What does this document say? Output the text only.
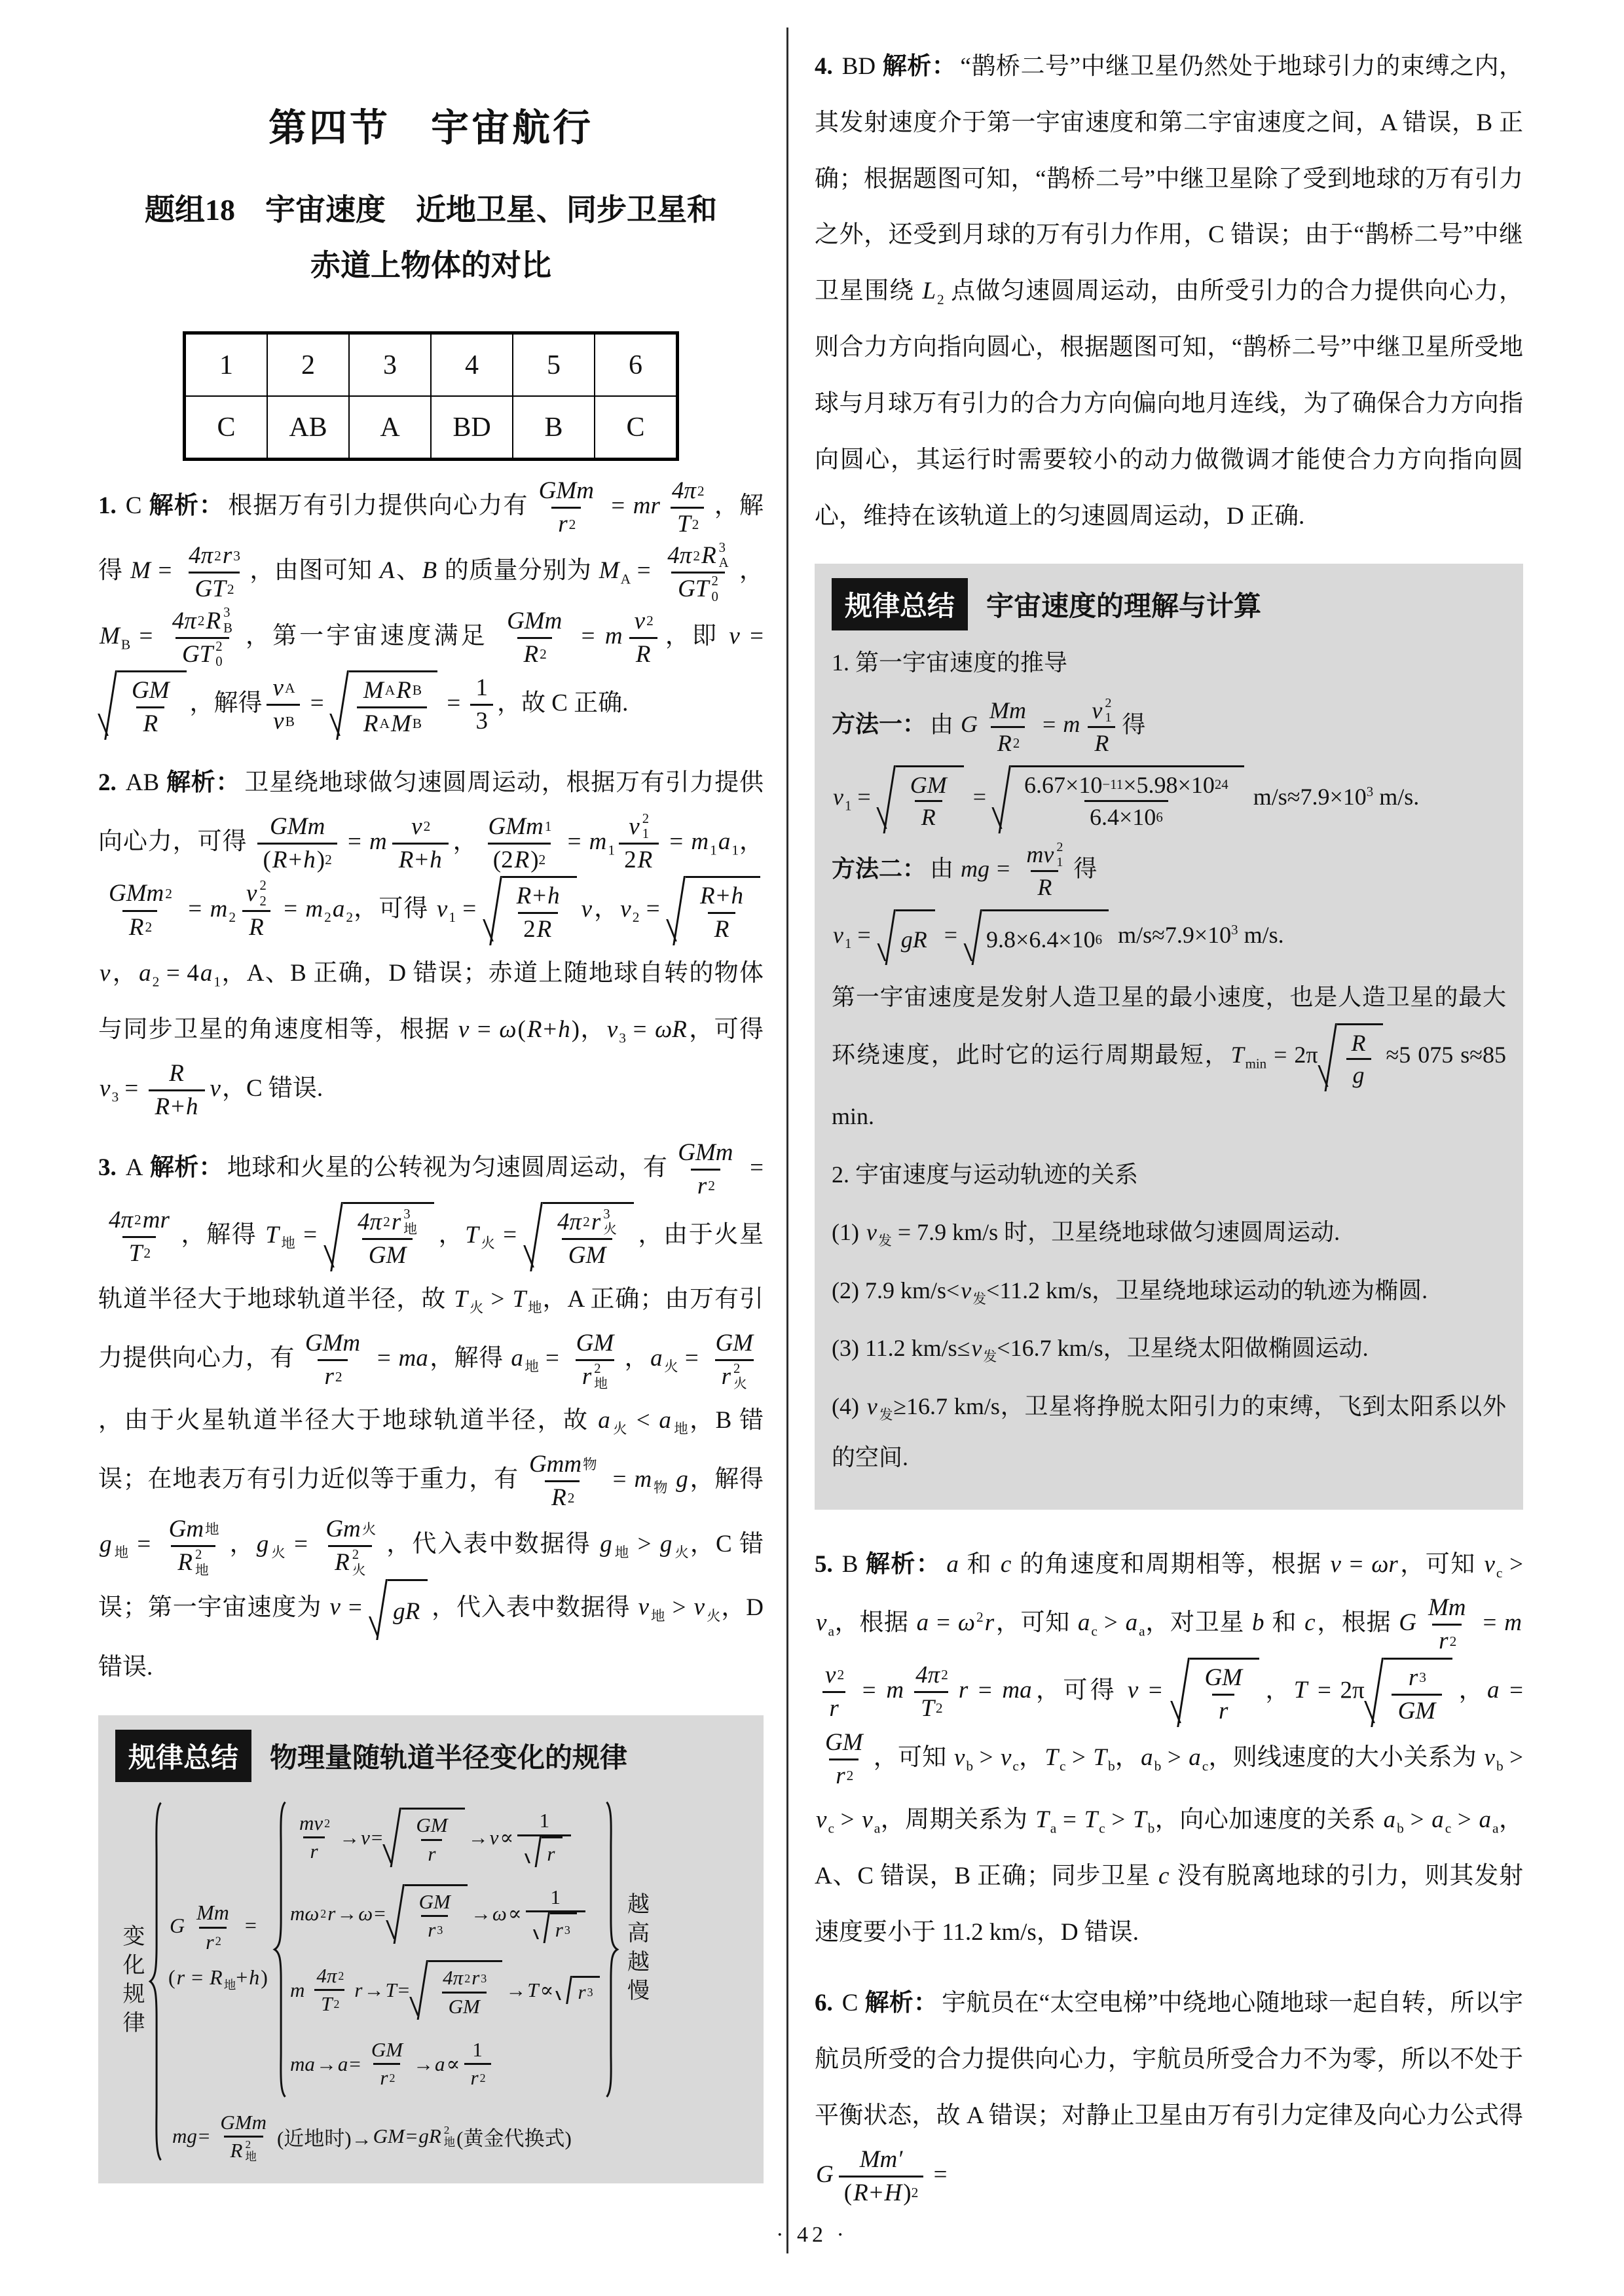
第四节　宇宙航行
题组18　宇宙速度　近地卫星、同步卫星和
赤道上物体的对比
1	2	3	4	5	6
C	AB	A	BD	B	C
1. C 解析： 根据万有引力提供向心力有
GMm
r 2
= mr $\frac{4\pi 2}{T 2}$ ，解得 $M = \frac{4\pi 2 r 3}{GT 2}$ ，由图可知 A、B 的质量分别为 $M_A = 4\pi$ 2 R 3
A
GT 2
0 ，$M_B = 4\pi$ 2 R 3
B
GT 2
0 ，第一宇宙速度满足
GMm
R 2
= m $\frac{v 2}{R}$ ，即 v =
$\frac{GM}{R}$ ，解得 $\frac{\text{v A}}{\text{v B}} = M$ A R B
R A M B
= $\frac{1}{3}$ ，故 C 正确.
2. AB 解析： 卫星绕地球做匀速圆周运动，根据万有引力提供向心力，可得
GMm
( R + h ) 2
= m $\frac{v 2}{R + h}$ ，
GMm 1
(2 R ) 2
= $m_1$ v 2
1
2 $R = m_1a_1$，
GMm 2
R 2
= $m_2$ v 2
2
$R = m_2a_2$，可得 $v_1 = \frac{R + h}{2 R}$ v，$v_2 = \frac{R + h}{R}$
v，$a_2 = 4a_1$，A、B 正确，D 错误；赤道上随地球自转的物体与同步卫星的角速度相等，根据 v = ω(R+h)，$v_3 = \omega R$，可得 $v_3 = \frac{R}{R + h}$ v，C 错误.
3. A 解析： 地球和火星的公转视为匀速圆周运动，有
GMm
r 2
=
$\frac{4\pi 2 mr}{T 2}$ ，解得 $T_地 = 4\pi$ 2 r 3
地
GM
，$T_火 = 4\pi$ 2 r 3
火
GM
，由于火星轨道半径大于地球轨道半径，故 $T_火 > T_地$，A 正确；由万有引力提供向心力，有
GMm
r 2
= ma，解得 $a_地$ =
GM
r 2
地
，$a_火$ =
GM
r 2
火
，由于火星轨道半径大于地球轨道半径，故 $a_火 < a_地$，B 错误；在地表万有引力近似等于重力，有
Gmm 物
R 2
= $m_物$ g，解得 $g_地$ =
Gm 地
R 2
地
，$g_火$ =
Gm 火
R 2
火
，代入表中数据得 $g_地 > g_火$，C 错误；第一宇宙速度为 v = gR ，代入表中数据得 $v_地 > v_火$，D 错误.
规律总结	物理量随轨道半径变化的规律
变化规律 G $\frac{Mm}{r 2}$ =
(r = R $_地$+h)
$\frac{mv 2}{r} \to v = \frac{GM}{r} \to v \propto \frac{1}{r}$
mω 2 $r \to \omega = \frac{GM}{r 3} \to \omega \propto \frac{1}{r 3}$
m $\frac{4\pi 2}{T 2}$ $r \to T = \frac{4\pi 2 r 3}{GM} \to T \propto r$ 3
ma → $a = \frac{GM}{r 2} \to a \propto \frac{1}{r 2}$
越高越慢
mg =
GMm
R 2
地
(近地时)→ GM = gR 2
地 (黄金代换式)
4. BD 解析： “鹊桥二号”中继卫星仍然处于地球引力的束缚之内，其发射速度介于第一宇宙速度和第二宇宙速度之间，A 错误，B 正确；根据题图可知，“鹊桥二号”中继卫星除了受到地球的万有引力之外，还受到月球的万有引力作用，C 错误；由于“鹊桥二号”中继卫星围绕 $L_2$ 点做匀速圆周运动，由所受引力的合力提供向心力，则合力方向指向圆心，根据题图可知，“鹊桥二号”中继卫星所受地球与月球万有引力的合力方向偏向地月连线，为了确保合力方向指向圆心，其运行时需要较小的动力做微调才能使合力方向指向圆心，维持在该轨道上的匀速圆周运动，D 正确.
规律总结	宇宙速度的理解与计算
1. 第一宇宙速度的推导
方法一： 由 G $\frac{Mm}{R 2} = m$ v 2
1
R 得
$v_1 = \frac{GM}{R} = \frac{6.67\times 10 -11 \times 5.98\times 10 24}{6.4\times 10 6} m/s\approx 7.9\times 10^3$ m/s.
方法二： 由 mg = mv 2
1
R 得
$v_1$ = gR = 9.8×6.4×10 6 $m/s\approx 7.9\times 10^3$ m/s.
第一宇宙速度是发射人造卫星的最小速度，也是人造卫星的最大环绕速度，此时它的运行周期最短，$T_{min} = 2\pi \frac{R}{g} \approx 5$ 075 s≈85 min.
2. 宇宙速度与运动轨迹的关系
(1) $v_发 = 7.9$ km/s 时，卫星绕地球做匀速圆周运动.
(2) 7.9 $km/s<v_发<11.2$ km/s，卫星绕地球运动的轨迹为椭圆.
(3) 11.2 $km/s\le v_发<16.7$ km/s，卫星绕太阳做椭圆运动.
(4) $v_发\ge 16.7$ km/s，卫星将挣脱太阳引力的束缚，飞到太阳系以外的空间.
5. B 解析： a 和 c 的角速度和周期相等，根据 v = ωr，可知 $v_c > v_a$，根据 $a = \omega^2r$，可知 $a_c > a_a$，对卫星 b 和 c，根据 G $\frac{Mm}{r 2} = m$
$\frac{v 2}{r} = m \frac{4\pi 2}{T 2}$ r = ma，可得 $v = \frac{GM}{r}$ ，$T = 2\pi \frac{r 3}{GM}$ ，a =
$\frac{GM}{r 2}$ ，可知 $v_b > v_c$，$T_c > T_b$，$a_b > a_c$，则线速度的大小关系为 $v_b > v_c > v_a$，周期关系为 $T_a = T_c > T_b$，向心加速度的关系 $a_b > a_c > a_a$，A、C 错误，B 正确；同步卫星 c 没有脱离地球的引力，则其发射速度要小于 11.2 km/s，D 错误.
6. C 解析： 宇航员在“太空电梯”中绕地心随地球一起自转，所以宇航员所受的合力提供向心力，宇航员所受合力不为零，所以不处于平衡状态，故 A 错误；对静止卫星由万有引力定律及向心力公式得 G $\frac{Mm'}{( R + H ) 2}$ =
· 42 ·
